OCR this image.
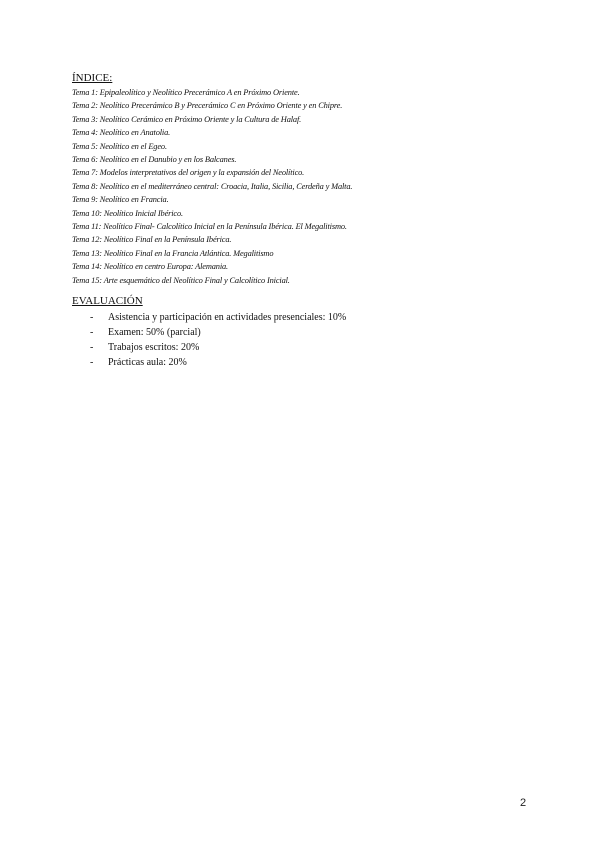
ÍNDICE:

Tema 1: Epipaleolítico y Neolítico Precerámico A en Próximo Oriente.
Tema 2: Neolítico Precerámico B y Precerámico C en Próximo Oriente y en Chipre.
Tema 3: Neolítico Cerámico en Próximo Oriente y la Cultura de Halaf.
Tema 4: Neolítico en Anatolia.
Tema 5: Neolítico en el Egeo.
Tema 6: Neolítico en el Danubio y en los Balcanes.
Tema 7: Modelos interpretativos del origen y la expansión del Neolítico.
Tema 8: Neolítico en el mediterráneo central: Croacia, Italia, Sicilia, Cerdeña y Malta.
Tema 9: Neolítico en Francia.
Tema 10: Neolítico Inicial Ibérico.
Tema 11: Neolítico Final- Calcolítico Inicial en la Península Ibérica. El Megalitismo.
Tema 12: Neolítico Final en la Península Ibérica.
Tema 13: Neolítico Final en la Francia Atlántica. Megalitismo
Tema 14: Neolítico en centro Europa: Alemania.
Tema 15: Arte esquemático del Neolítico Final y Calcolítico Inicial.

EVALUACIÓN

- Asistencia y participación en actividades presenciales: 10%
- Examen: 50% (parcial)
- Trabajos escritos: 20%
- Prácticas aula: 20%
2
